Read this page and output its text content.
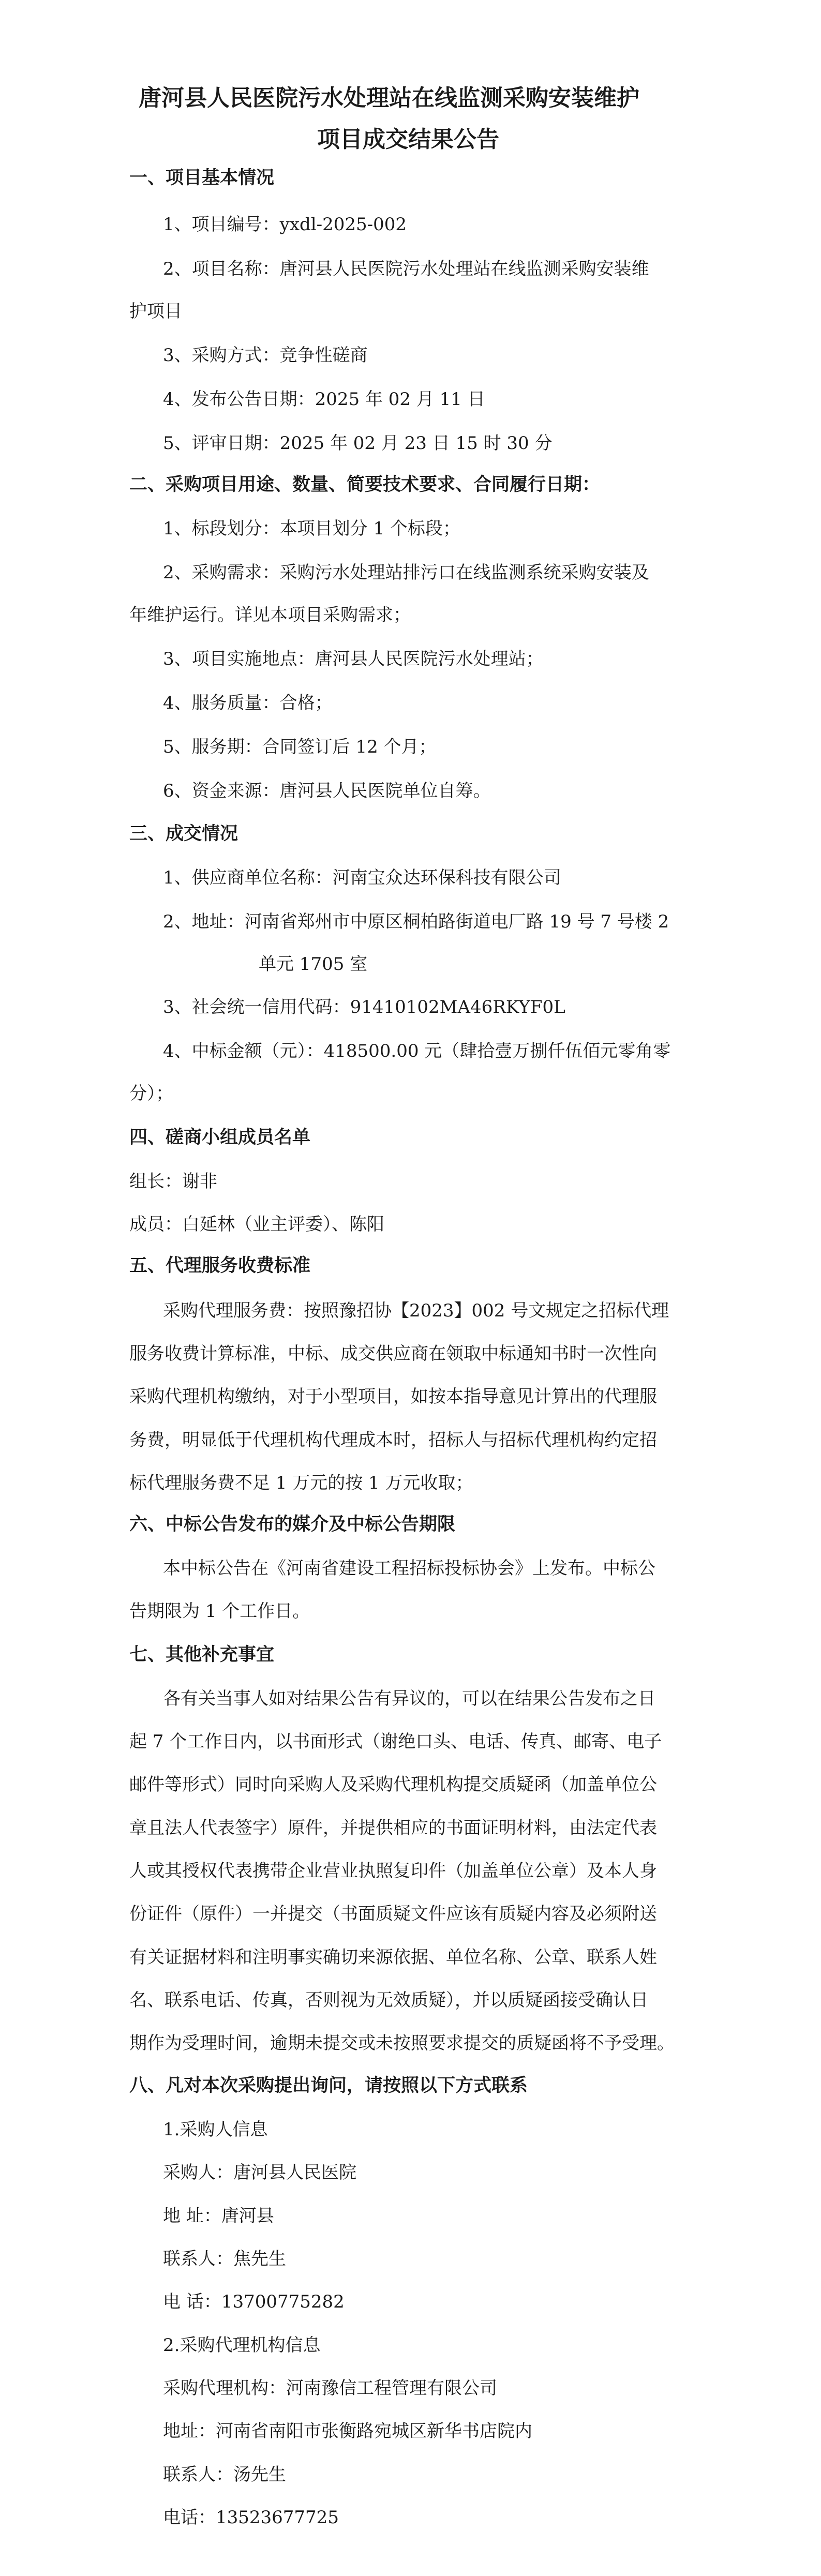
唐河县人民医院污水处理站在线监测采购安装维护
项目成交结果公告
一、项目基本情况
1、项目编号：yxdl-2025-002
2、项目名称：唐河县人民医院污水处理站在线监测采购安装维
护项目
3、采购方式：竞争性磋商
4、发布公告日期：2025 年 02 月 11 日
5、评审日期：2025 年 02 月 23 日 15 时 30 分
二、采购项目用途、数量、简要技术要求、合同履行日期：
1、标段划分：本项目划分 1 个标段；
2、采购需求：采购污水处理站排污口在线监测系统采购安装及
年维护运行。详见本项目采购需求；
3、项目实施地点：唐河县人民医院污水处理站；
4、服务质量：合格；
5、服务期：合同签订后 12 个月；
6、资金来源：唐河县人民医院单位自筹。
三、成交情况
1、供应商单位名称：河南宝众达环保科技有限公司
2、地址：河南省郑州市中原区桐柏路街道电厂路 19 号 7 号楼 2
单元 1705 室
3、社会统一信用代码：91410102MA46RKYF0L
4、中标金额（元）：418500.00 元（肆拾壹万捌仟伍佰元零角零
分）；
四、磋商小组成员名单
组长：谢非
成员：白延林（业主评委）、陈阳
五、代理服务收费标准
采购代理服务费：按照豫招协【2023】002 号文规定之招标代理
服务收费计算标准，中标、成交供应商在领取中标通知书时一次性向
采购代理机构缴纳，对于小型项目，如按本指导意见计算出的代理服
务费，明显低于代理机构代理成本时，招标人与招标代理机构约定招
标代理服务费不足 1 万元的按 1 万元收取；
六、中标公告发布的媒介及中标公告期限
本中标公告在《河南省建设工程招标投标协会》上发布。中标公
告期限为 1 个工作日。
七、其他补充事宜
各有关当事人如对结果公告有异议的，可以在结果公告发布之日
起 7 个工作日内，以书面形式（谢绝口头、电话、传真、邮寄、电子
邮件等形式）同时向采购人及采购代理机构提交质疑函（加盖单位公
章且法人代表签字）原件，并提供相应的书面证明材料，由法定代表
人或其授权代表携带企业营业执照复印件（加盖单位公章）及本人身
份证件（原件）一并提交（书面质疑文件应该有质疑内容及必须附送
有关证据材料和注明事实确切来源依据、单位名称、公章、联系人姓
名、联系电话、传真，否则视为无效质疑），并以质疑函接受确认日
期作为受理时间，逾期未提交或未按照要求提交的质疑函将不予受理。
八、凡对本次采购提出询问，请按照以下方式联系
1.采购人信息
采购人：唐河县人民医院
地 址：唐河县
联系人：焦先生
电 话：13700775282
2.采购代理机构信息
采购代理机构：河南豫信工程管理有限公司
地址：河南省南阳市张衡路宛城区新华书店院内
联系人：汤先生
电话：13523677725
